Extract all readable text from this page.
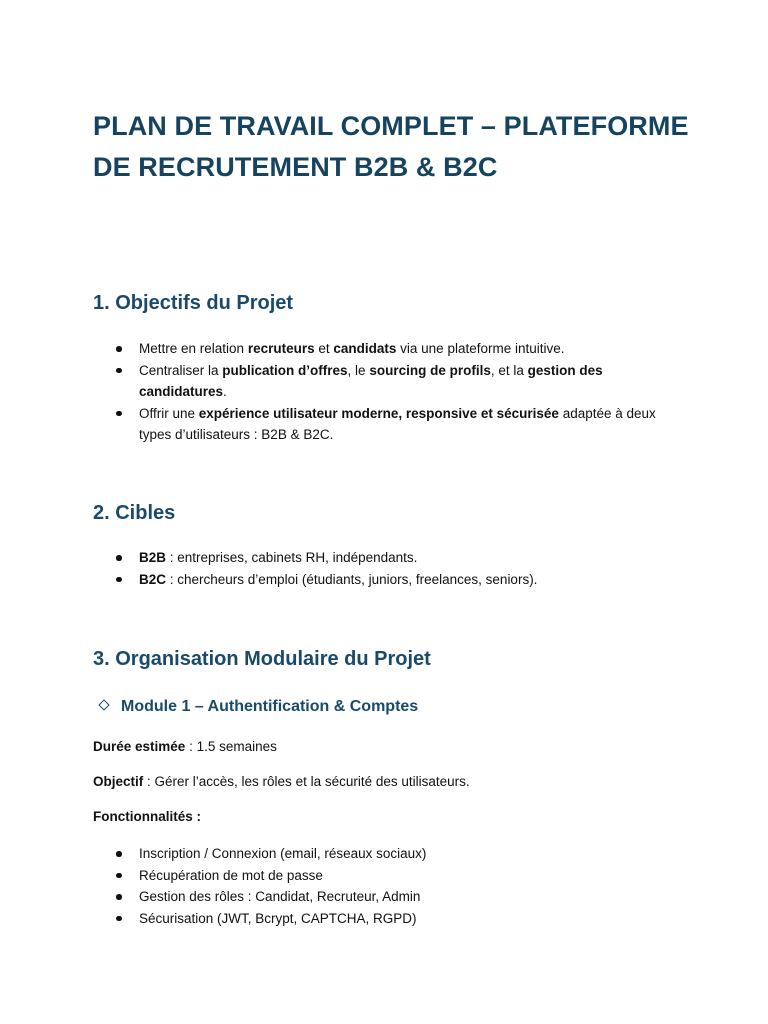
PLAN DE TRAVAIL COMPLET – PLATEFORME DE RECRUTEMENT B2B & B2C
1. Objectifs du Projet
Mettre en relation recruteurs et candidats via une plateforme intuitive.
Centraliser la publication d’offres, le sourcing de profils, et la gestion des candidatures.
Offrir une expérience utilisateur moderne, responsive et sécurisée adaptée à deux types d’utilisateurs : B2B & B2C.
2. Cibles
B2B : entreprises, cabinets RH, indépendants.
B2C : chercheurs d’emploi (étudiants, juniors, freelances, seniors).
3. Organisation Modulaire du Projet
Module 1 – Authentification & Comptes

Durée estimée : 1.5 semaines

Objectif : Gérer l’accès, les rôles et la sécurité des utilisateurs.

Fonctionnalités :

Inscription / Connexion (email, réseaux sociaux)
Récupération de mot de passe
Gestion des rôles : Candidat, Recruteur, Admin
Sécurisation (JWT, Bcrypt, CAPTCHA, RGPD)
